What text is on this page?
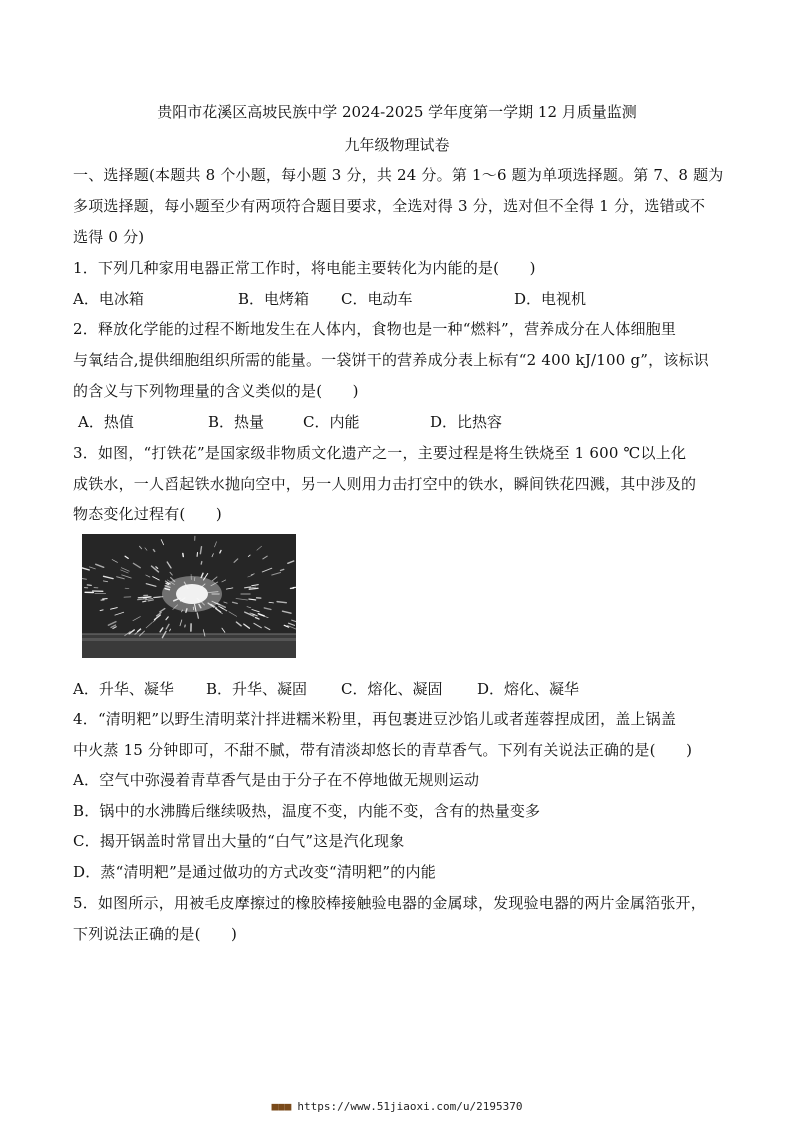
贵阳市花溪区高坡民族中学 2024-2025 学年度第一学期 12 月质量监测
九年级物理试卷
一、选择题(本题共 8 个小题，每小题 3 分，共 24 分。第 1～6 题为单项选择题。第 7、8 题为
多项选择题，每小题至少有两项符合题目要求，全选对得 3 分，选对但不全得 1 分，选错或不
选得 0 分)
1．下列几种家用电器正常工作时，将电能主要转化为内能的是(　　)
A．电冰箱	B．电烤箱 C．电动车	D．电视机
2．释放化学能的过程不断地发生在人体内，食物也是一种“燃料”，营养成分在人体细胞里
与氧结合,提供细胞组织所需的能量。一袋饼干的营养成分表上标有“2 400 kJ/100 g”，该标识
的含义与下列物理量的含义类似的是(　　)
A．热值	B．热量	C．内能	D．比热容
3．如图，“打铁花”是国家级非物质文化遗产之一，主要过程是将生铁烧至 1 600 ℃以上化
成铁水，一人舀起铁水抛向空中，另一人则用力击打空中的铁水，瞬间铁花四溅，其中涉及的
物态变化过程有(　　)
A．升华、凝华 B．升华、凝固 C．熔化、凝固 D．熔化、凝华
4．“清明粑”以野生清明菜汁拌进糯米粉里，再包裹进豆沙馅儿或者莲蓉捏成团，盖上锅盖
中火蒸 15 分钟即可，不甜不腻，带有清淡却悠长的青草香气。下列有关说法正确的是(　　)
A．空气中弥漫着青草香气是由于分子在不停地做无规则运动
B．锅中的水沸腾后继续吸热，温度不变，内能不变，含有的热量变多
C．揭开锅盖时常冒出大量的“白气”这是汽化现象
D．蒸“清明粑”是通过做功的方式改变“清明粑”的内能
5．如图所示，用被毛皮摩擦过的橡胶棒接触验电器的金属球，发现验电器的两片金属箔张开，
下列说法正确的是(　　)
■■■ https://www.51jiaoxi.com/u/2195370
